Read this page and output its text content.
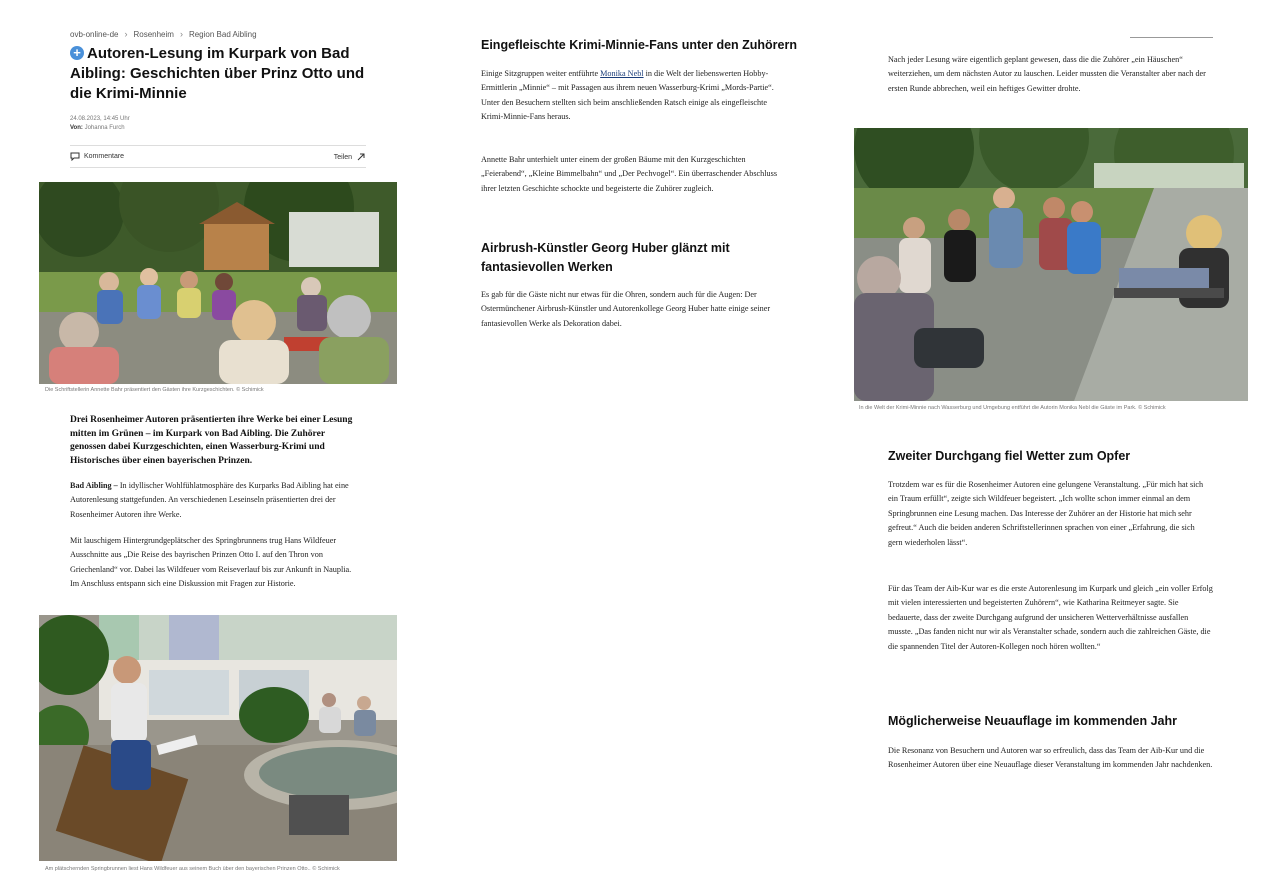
ovb-online-de › Rosenheim › Region Bad Aibling
+ Autoren-Lesung im Kurpark von Bad Aibling: Geschichten über Prinz Otto und die Krimi-Minnie
24.08.2023, 14:45 Uhr
Von: Johanna Furch
Kommentare	Teilen
Die Schriftstellerin Annette Bahr präsentiert den Gästen ihre Kurzgeschichten. © Schimick

Drei Rosenheimer Autoren präsentierten ihre Werke bei einer Lesung mitten im Grünen – im Kurpark von Bad Aibling. Die Zuhörer genossen dabei Kurzgeschichten, einen Wasserburg-Krimi und Historisches über einen bayerischen Prinzen.

Bad Aibling – In idyllischer Wohlfühlatmosphäre des Kurparks Bad Aibling hat eine Autorenlesung stattgefunden. An verschiedenen Leseinseln präsentierten drei der Rosenheimer Autoren ihre Werke.

Mit lauschigem Hintergrundgeplätscher des Springbrunnens trug Hans Wildfeuer Ausschnitte aus „Die Reise des bayrischen Prinzen Otto I. auf den Thron von Griechenland“ vor. Dabei las Wildfeuer vom Reiseverlauf bis zur Ankunft in Nauplia. Im Anschluss entspann sich eine Diskussion mit Fragen zur Historie.

Am plätschernden Springbrunnen liest Hans Wildfeuer aus seinem Buch über den bayerischen Prinzen Otto.. © Schimick
Eingefleischte Krimi-Minnie-Fans unter den Zuhörern

Einige Sitzgruppen weiter entführte Monika Nebl in die Welt der liebenswerten Hobby-Ermittlerin „Minnie“ – mit Passagen aus ihrem neuen Wasserburg-Krimi „Mords-Partie“. Unter den Besuchern stellten sich beim anschließenden Ratsch einige als eingefleischte Krimi-Minnie-Fans heraus.

Annette Bahr unterhielt unter einem der großen Bäume mit den Kurzgeschichten „Feierabend“, „Kleine Bimmelbahn“ und „Der Pechvogel“. Ein überraschender Abschluss ihrer letzten Geschichte schockte und begeisterte die Zuhörer zugleich.

Airbrush-Künstler Georg Huber glänzt mit fantasievollen Werken

Es gab für die Gäste nicht nur etwas für die Ohren, sondern auch für die Augen: Der Ostermünchener Airbrush-Künstler und Autorenkollege Georg Huber hatte einige seiner fantasievollen Werke als Dekoration dabei.

Nach jeder Lesung wäre eigentlich geplant gewesen, dass die die Zuhörer „ein Häuschen“ weiterziehen, um dem nächsten Autor zu lauschen. Leider mussten die Veranstalter aber nach der ersten Runde abbrechen, weil ein heftiges Gewitter drohte.

In die Welt der Krimi-Minnie nach Wasserburg und Umgebung entführt die Autorin Monika Nebl die Gäste im Park. © Schimick
Zweiter Durchgang fiel Wetter zum Opfer

Trotzdem war es für die Rosenheimer Autoren eine gelungene Veranstaltung. „Für mich hat sich ein Traum erfüllt“, zeigte sich Wildfeuer begeistert. „Ich wollte schon immer einmal an dem Springbrunnen eine Lesung machen. Das Interesse der Zuhörer an der Historie hat mich sehr gefreut.“ Auch die beiden anderen Schriftstellerinnen sprachen von einer „Erfahrung, die sich gern wiederholen lässt“.

Für das Team der Aib-Kur war es die erste Autorenlesung im Kurpark und gleich „ein voller Erfolg mit vielen interessierten und begeisterten Zuhörern“, wie Katharina Reitmeyer sagte. Sie bedauerte, dass der zweite Durchgang aufgrund der unsicheren Wetterverhältnisse ausfallen musste. „Das fanden nicht nur wir als Veranstalter schade, sondern auch die zahlreichen Gäste, die die spannenden Titel der Autoren-Kollegen noch hören wollten.“

Möglicherweise Neuauflage im kommenden Jahr

Die Resonanz von Besuchern und Autoren war so erfreulich, dass das Team der Aib-Kur und die Rosenheimer Autoren über eine Neuauflage dieser Veranstaltung im kommenden Jahr nachdenken.
